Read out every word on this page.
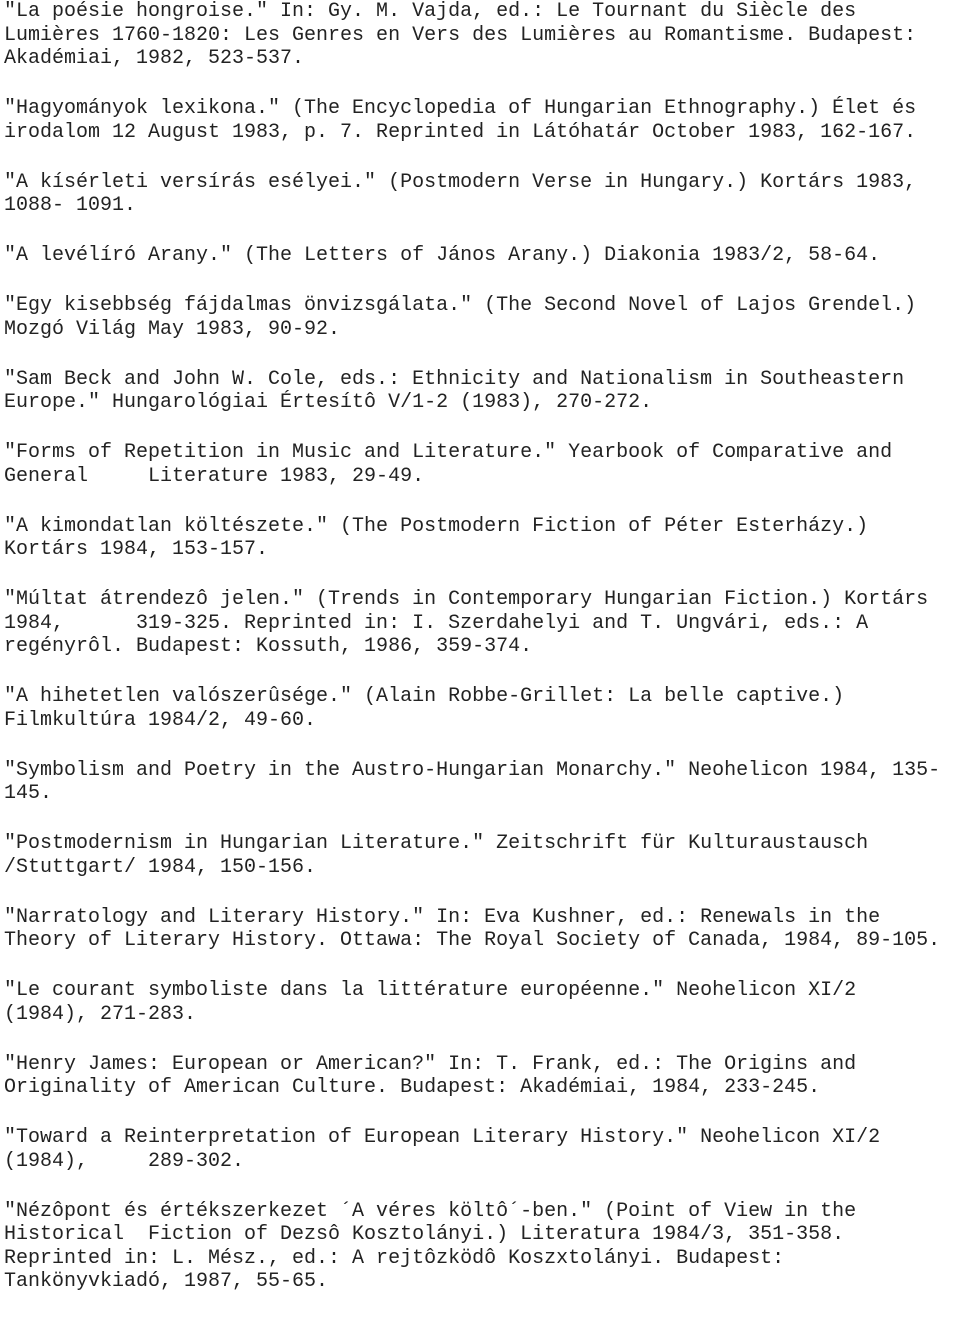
"La poésie hongroise." In: Gy. M. Vajda, ed.: Le Tournant du Siècle des
Lumières 1760-1820: Les Genres en Vers des Lumières au Romantisme. Budapest:
Akadémiai, 1982, 523-537.
"Hagyományok lexikona." (The Encyclopedia of Hungarian Ethnography.) Élet és
irodalom 12 August 1983, p. 7. Reprinted in Látóhatár October 1983, 162-167.
"A kísérleti versírás esélyei." (Postmodern Verse in Hungary.) Kortárs 1983,
1088- 1091.
"A levélíró Arany." (The Letters of János Arany.) Diakonia 1983/2, 58-64.
"Egy kisebbség fájdalmas önvizsgálata." (The Second Novel of Lajos Grendel.)
Mozgó Világ May 1983, 90-92.
"Sam Beck and John W. Cole, eds.: Ethnicity and Nationalism in Southeastern
Europe." Hungarológiai Értesítô V/1-2 (1983), 270-272.
"Forms of Repetition in Music and Literature." Yearbook of Comparative and
General     Literature 1983, 29-49.
"A kimondatlan költészete." (The Postmodern Fiction of Péter Esterházy.)
Kortárs 1984, 153-157.
"Múltat átrendezô jelen." (Trends in Contemporary Hungarian Fiction.) Kortárs
1984,      319-325. Reprinted in: I. Szerdahelyi and T. Ungvári, eds.: A
regényrôl. Budapest: Kossuth, 1986, 359-374.
"A hihetetlen valószerûsége." (Alain Robbe-Grillet: La belle captive.)
Filmkultúra 1984/2, 49-60.
"Symbolism and Poetry in the Austro-Hungarian Monarchy." Neohelicon 1984, 135-
145.
"Postmodernism in Hungarian Literature." Zeitschrift für Kulturaustausch
/Stuttgart/ 1984, 150-156.
"Narratology and Literary History." In: Eva Kushner, ed.: Renewals in the
Theory of Literary History. Ottawa: The Royal Society of Canada, 1984, 89-105.
"Le courant symboliste dans la littérature européenne." Neohelicon XI/2
(1984), 271-283.
"Henry James: European or American?" In: T. Frank, ed.: The Origins and
Originality of American Culture. Budapest: Akadémiai, 1984, 233-245.
"Toward a Reinterpretation of European Literary History." Neohelicon XI/2
(1984),     289-302.
"Nézôpont és értékszerkezet ´A véres költô´-ben." (Point of View in the
Historical  Fiction of Dezsô Kosztolányi.) Literatura 1984/3, 351-358.
Reprinted in: L. Mész., ed.: A rejtôzködô Koszxtolányi. Budapest:
Tankönyvkiadó, 1987, 55-65.
